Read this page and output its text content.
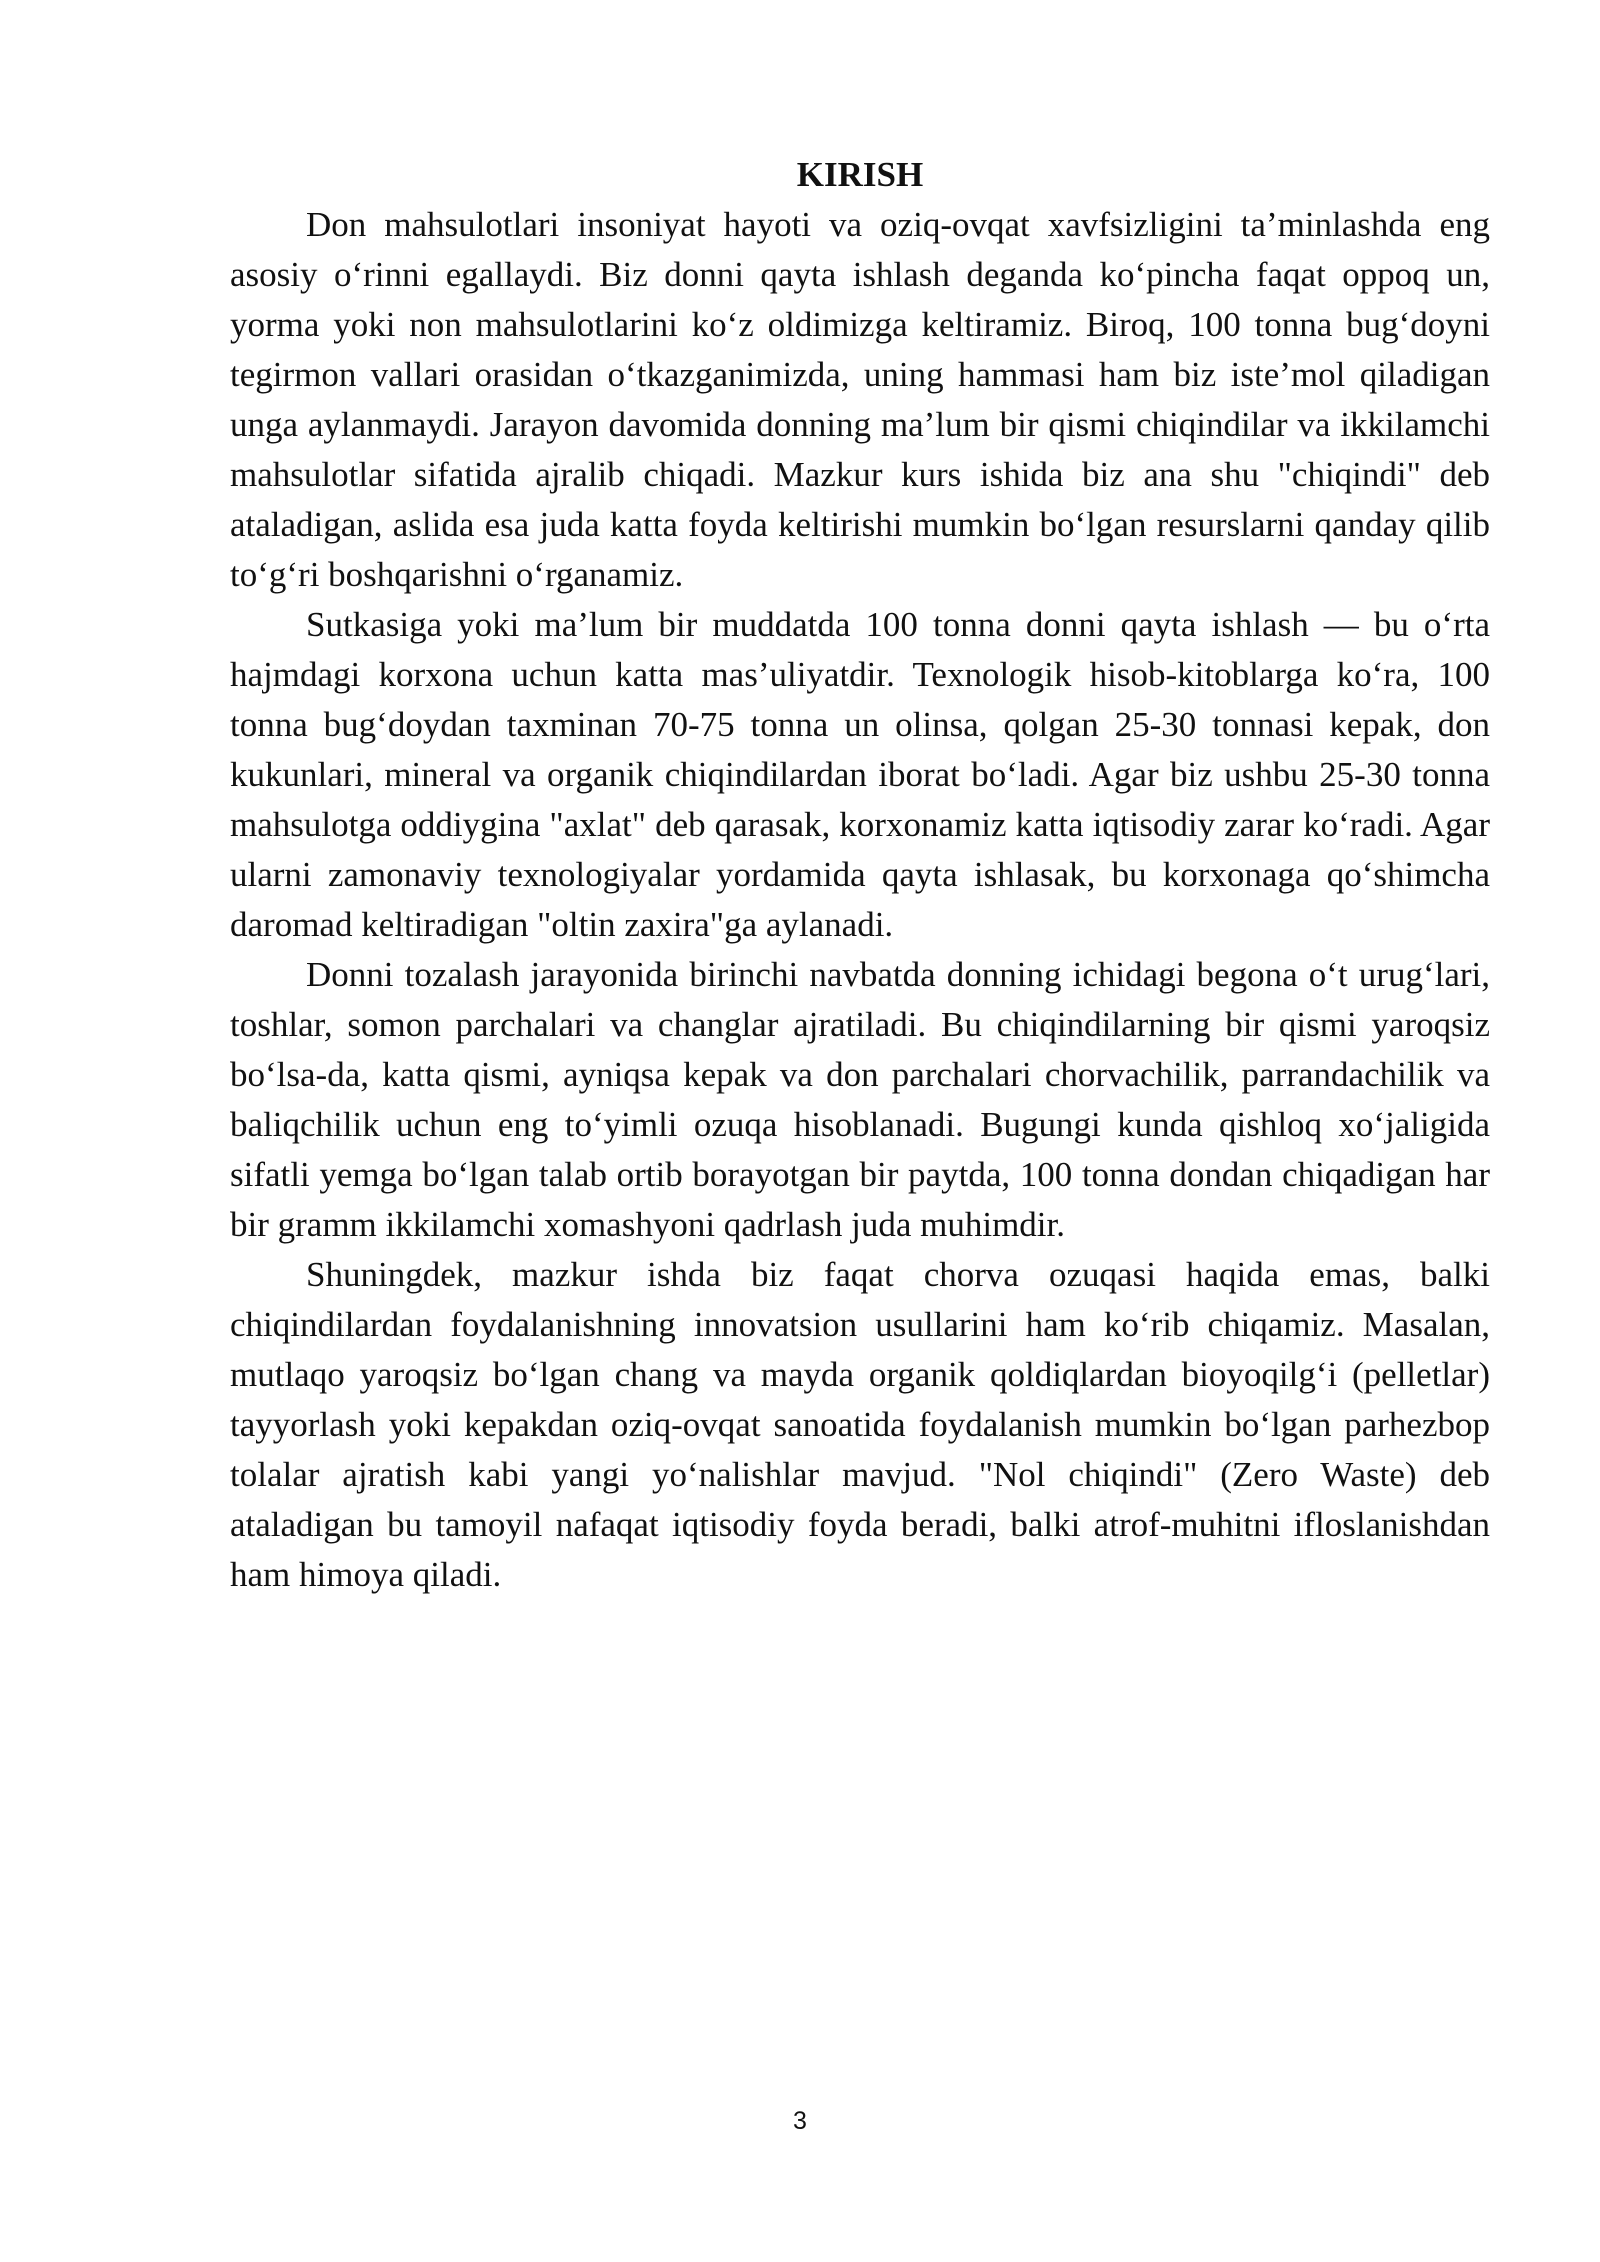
KIRISH

Don mahsulotlari insoniyat hayoti va oziq-ovqat xavfsizligini ta’minlashda eng asosiy o‘rinni egallaydi. Biz donni qayta ishlash deganda ko‘pincha faqat oppoq un, yorma yoki non mahsulotlarini ko‘z oldimizga keltiramiz. Biroq, 100 tonna bug‘doyni tegirmon vallari orasidan o‘tkazganimizda, uning hammasi ham biz iste’mol qiladigan unga aylanmaydi. Jarayon davomida donning ma’lum bir qismi chiqindilar va ikkilamchi mahsulotlar sifatida ajralib chiqadi. Mazkur kurs ishida biz ana shu "chiqindi" deb ataladigan, aslida esa juda katta foyda keltirishi mumkin bo‘lgan resurslarni qanday qilib to‘g‘ri boshqarishni o‘rganamiz.

Sutkasiga yoki ma’lum bir muddatda 100 tonna donni qayta ishlash — bu o‘rta hajmdagi korxona uchun katta mas’uliyatdir. Texnologik hisob-kitoblarga ko‘ra, 100 tonna bug‘doydan taxminan 70-75 tonna un olinsa, qolgan 25-30 tonnasi kepak, don kukunlari, mineral va organik chiqindilardan iborat bo‘ladi. Agar biz ushbu 25-30 tonna mahsulotga oddiygina "axlat" deb qarasak, korxonamiz katta iqtisodiy zarar ko‘radi. Agar ularni zamonaviy texnologiyalar yordamida qayta ishlasak, bu korxonaga qo‘shimcha daromad keltiradigan "oltin zaxira"ga aylanadi.

Donni tozalash jarayonida birinchi navbatda donning ichidagi begona o‘t urug‘lari, toshlar, somon parchalari va changlar ajratiladi. Bu chiqindilarning bir qismi yaroqsiz bo‘lsa-da, katta qismi, ayniqsa kepak va don parchalari chorvachilik, parrandachilik va baliqchilik uchun eng to‘yimli ozuqa hisoblanadi. Bugungi kunda qishloq xo‘jaligida sifatli yemga bo‘lgan talab ortib borayotgan bir paytda, 100 tonna dondan chiqadigan har bir gramm ikkilamchi xomashyoni qadrlash juda muhimdir.

Shuningdek, mazkur ishda biz faqat chorva ozuqasi haqida emas, balki chiqindilardan foydalanishning innovatsion usullarini ham ko‘rib chiqamiz. Masalan, mutlaqo yaroqsiz bo‘lgan chang va mayda organik qoldiqlardan bioyoqilg‘i (pelletlar) tayyorlash yoki kepakdan oziq-ovqat sanoatida foydalanish mumkin bo‘lgan parhezbop tolalar ajratish kabi yangi yo‘nalishlar mavjud. "Nol chiqindi" (Zero Waste) deb ataladigan bu tamoyil nafaqat iqtisodiy foyda beradi, balki atrof-muhitni ifloslanishdan ham himoya qiladi.

3
